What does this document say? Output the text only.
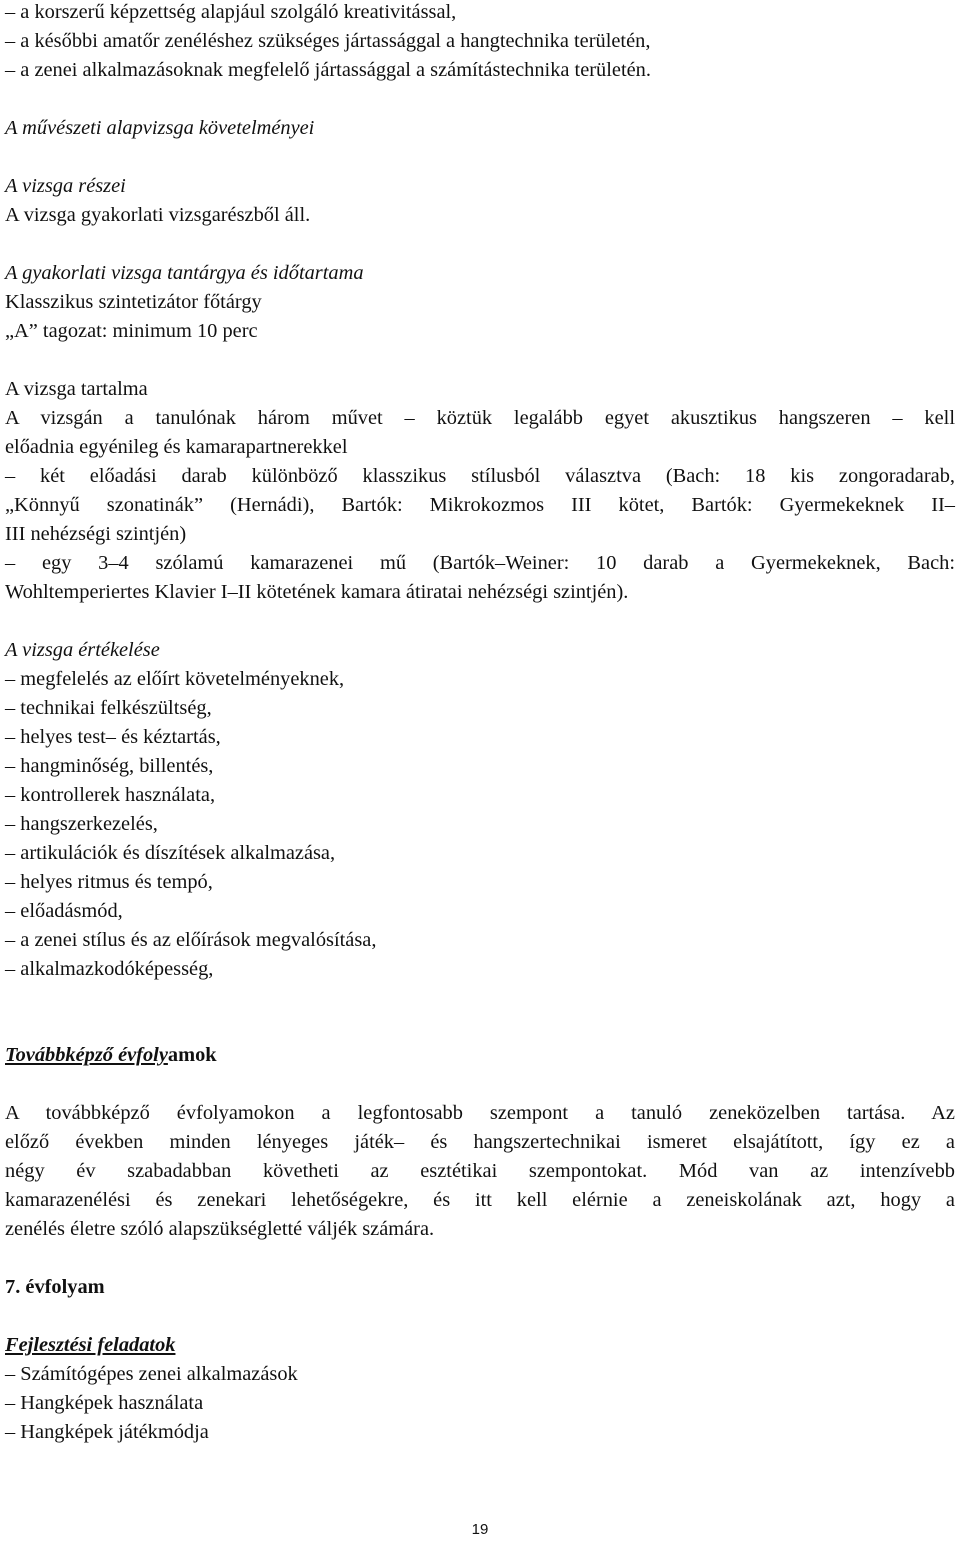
– a korszerű képzettség alapjául szolgáló kreativitással,
– a későbbi amatőr zenéléshez szükséges jártassággal a hangtechnika területén,
– a zenei alkalmazásoknak megfelelő jártassággal a számítástechnika területén.
A művészeti alapvizsga követelményei
A vizsga részei
A vizsga gyakorlati vizsgarészből áll.
A gyakorlati vizsga tantárgya és időtartama
Klasszikus szintetizátor főtárgy
„A” tagozat: minimum 10 perc
A vizsga tartalma
A vizsgán a tanulónak három művet – köztük legalább egyet akusztikus hangszeren – kell
előadnia egyénileg és kamarapartnerekkel
– két előadási darab különböző klasszikus stílusból választva (Bach: 18 kis zongoradarab,
„Könnyű szonatinák” (Hernádi), Bartók: Mikrokozmos III kötet, Bartók: Gyermekeknek II–
III nehézségi szintjén)
– egy 3–4 szólamú kamarazenei mű (Bartók–Weiner: 10 darab a Gyermekeknek, Bach:
Wohltemperiertes Klavier I–II kötetének kamara átiratai nehézségi szintjén).
A vizsga értékelése
– megfelelés az előírt követelményeknek,
– technikai felkészültség,
– helyes test– és kéztartás,
– hangminőség, billentés,
– kontrollerek használata,
– hangszerkezelés,
– artikulációk és díszítések alkalmazása,
– helyes ritmus és tempó,
– előadásmód,
– a zenei stílus és az előírások megvalósítása,
– alkalmazkodóképesség,
Továbbképző évfolyamok
A továbbképző évfolyamokon a legfontosabb szempont a tanuló zeneközelben tartása. Az
előző években minden lényeges játék– és hangszertechnikai ismeret elsajátított, így ez a
négy év szabadabban követheti az esztétikai szempontokat. Mód van az intenzívebb
kamarazenélési és zenekari lehetőségekre, és itt kell elérnie a zeneiskolának azt, hogy a
zenélés életre szóló alapszükségletté váljék számára.
7. évfolyam
Fejlesztési feladatok
– Számítógépes zenei alkalmazások
– Hangképek használata
– Hangképek játékmódja
19
